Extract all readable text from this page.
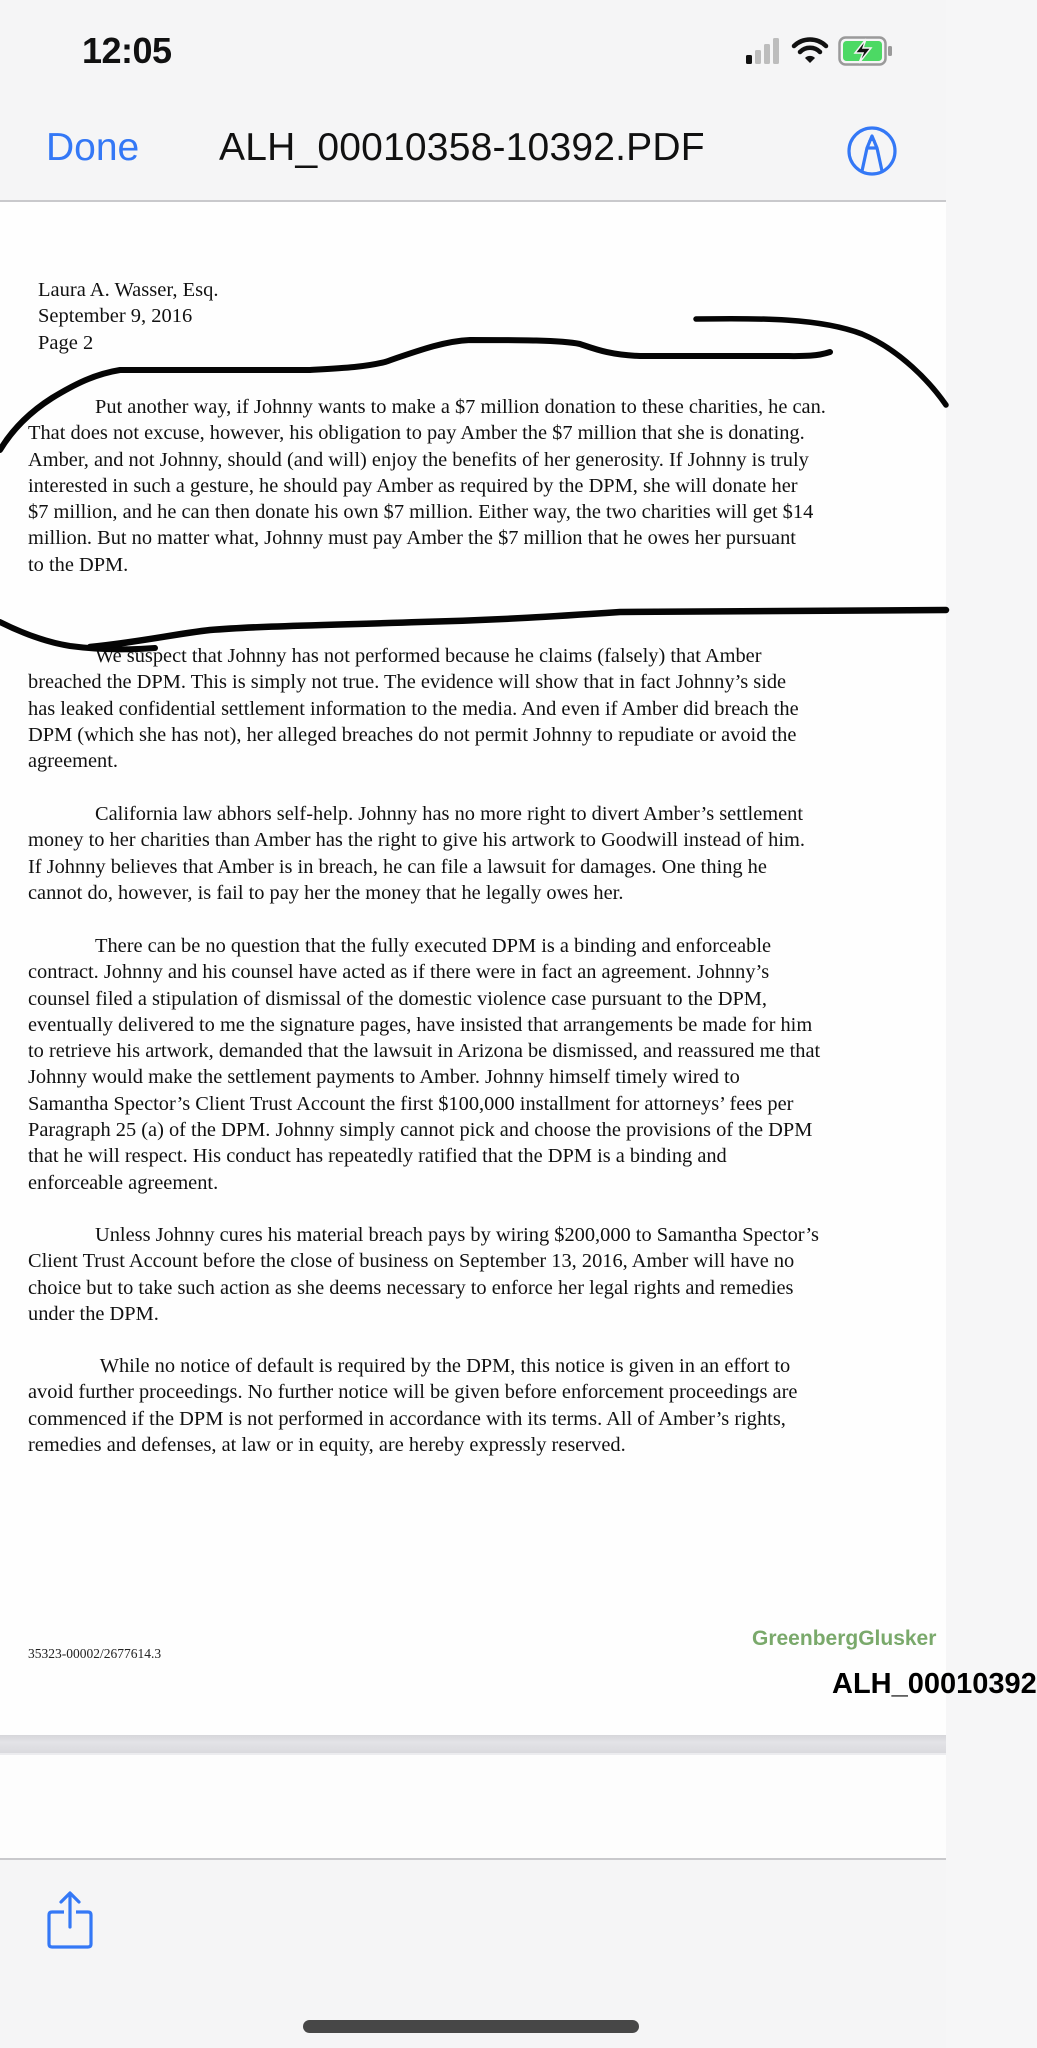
12:05
Done ALH_00010358-10392.PDF
Laura A. Wasser, Esq.
September 9, 2016
Page 2
Put another way, if Johnny wants to make a $7 million donation to these charities, he can.
That does not excuse, however, his obligation to pay Amber the $7 million that she is donating.
Amber, and not Johnny, should (and will) enjoy the benefits of her generosity. If Johnny is truly
interested in such a gesture, he should pay Amber as required by the DPM, she will donate her
$7 million, and he can then donate his own $7 million. Either way, the two charities will get $14
million. But no matter what, Johnny must pay Amber the $7 million that he owes her pursuant
to the DPM.
We suspect that Johnny has not performed because he claims (falsely) that Amber
breached the DPM. This is simply not true. The evidence will show that in fact Johnny’s side
has leaked confidential settlement information to the media. And even if Amber did breach the
DPM (which she has not), her alleged breaches do not permit Johnny to repudiate or avoid the
agreement.
California law abhors self-help. Johnny has no more right to divert Amber’s settlement
money to her charities than Amber has the right to give his artwork to Goodwill instead of him.
If Johnny believes that Amber is in breach, he can file a lawsuit for damages. One thing he
cannot do, however, is fail to pay her the money that he legally owes her.
There can be no question that the fully executed DPM is a binding and enforceable
contract. Johnny and his counsel have acted as if there were in fact an agreement. Johnny’s
counsel filed a stipulation of dismissal of the domestic violence case pursuant to the DPM,
eventually delivered to me the signature pages, have insisted that arrangements be made for him
to retrieve his artwork, demanded that the lawsuit in Arizona be dismissed, and reassured me that
Johnny would make the settlement payments to Amber. Johnny himself timely wired to
Samantha Spector’s Client Trust Account the first $100,000 installment for attorneys’ fees per
Paragraph 25 (a) of the DPM. Johnny simply cannot pick and choose the provisions of the DPM
that he will respect. His conduct has repeatedly ratified that the DPM is a binding and
enforceable agreement.
Unless Johnny cures his material breach pays by wiring $200,000 to Samantha Spector’s
Client Trust Account before the close of business on September 13, 2016, Amber will have no
choice but to take such action as she deems necessary to enforce her legal rights and remedies
under the DPM.
While no notice of default is required by the DPM, this notice is given in an effort to
avoid further proceedings. No further notice will be given before enforcement proceedings are
commenced if the DPM is not performed in accordance with its terms. All of Amber’s rights,
remedies and defenses, at law or in equity, are hereby expressly reserved.
35323-00002/2677614.3
GreenbergGlusker
ALH_00010392
